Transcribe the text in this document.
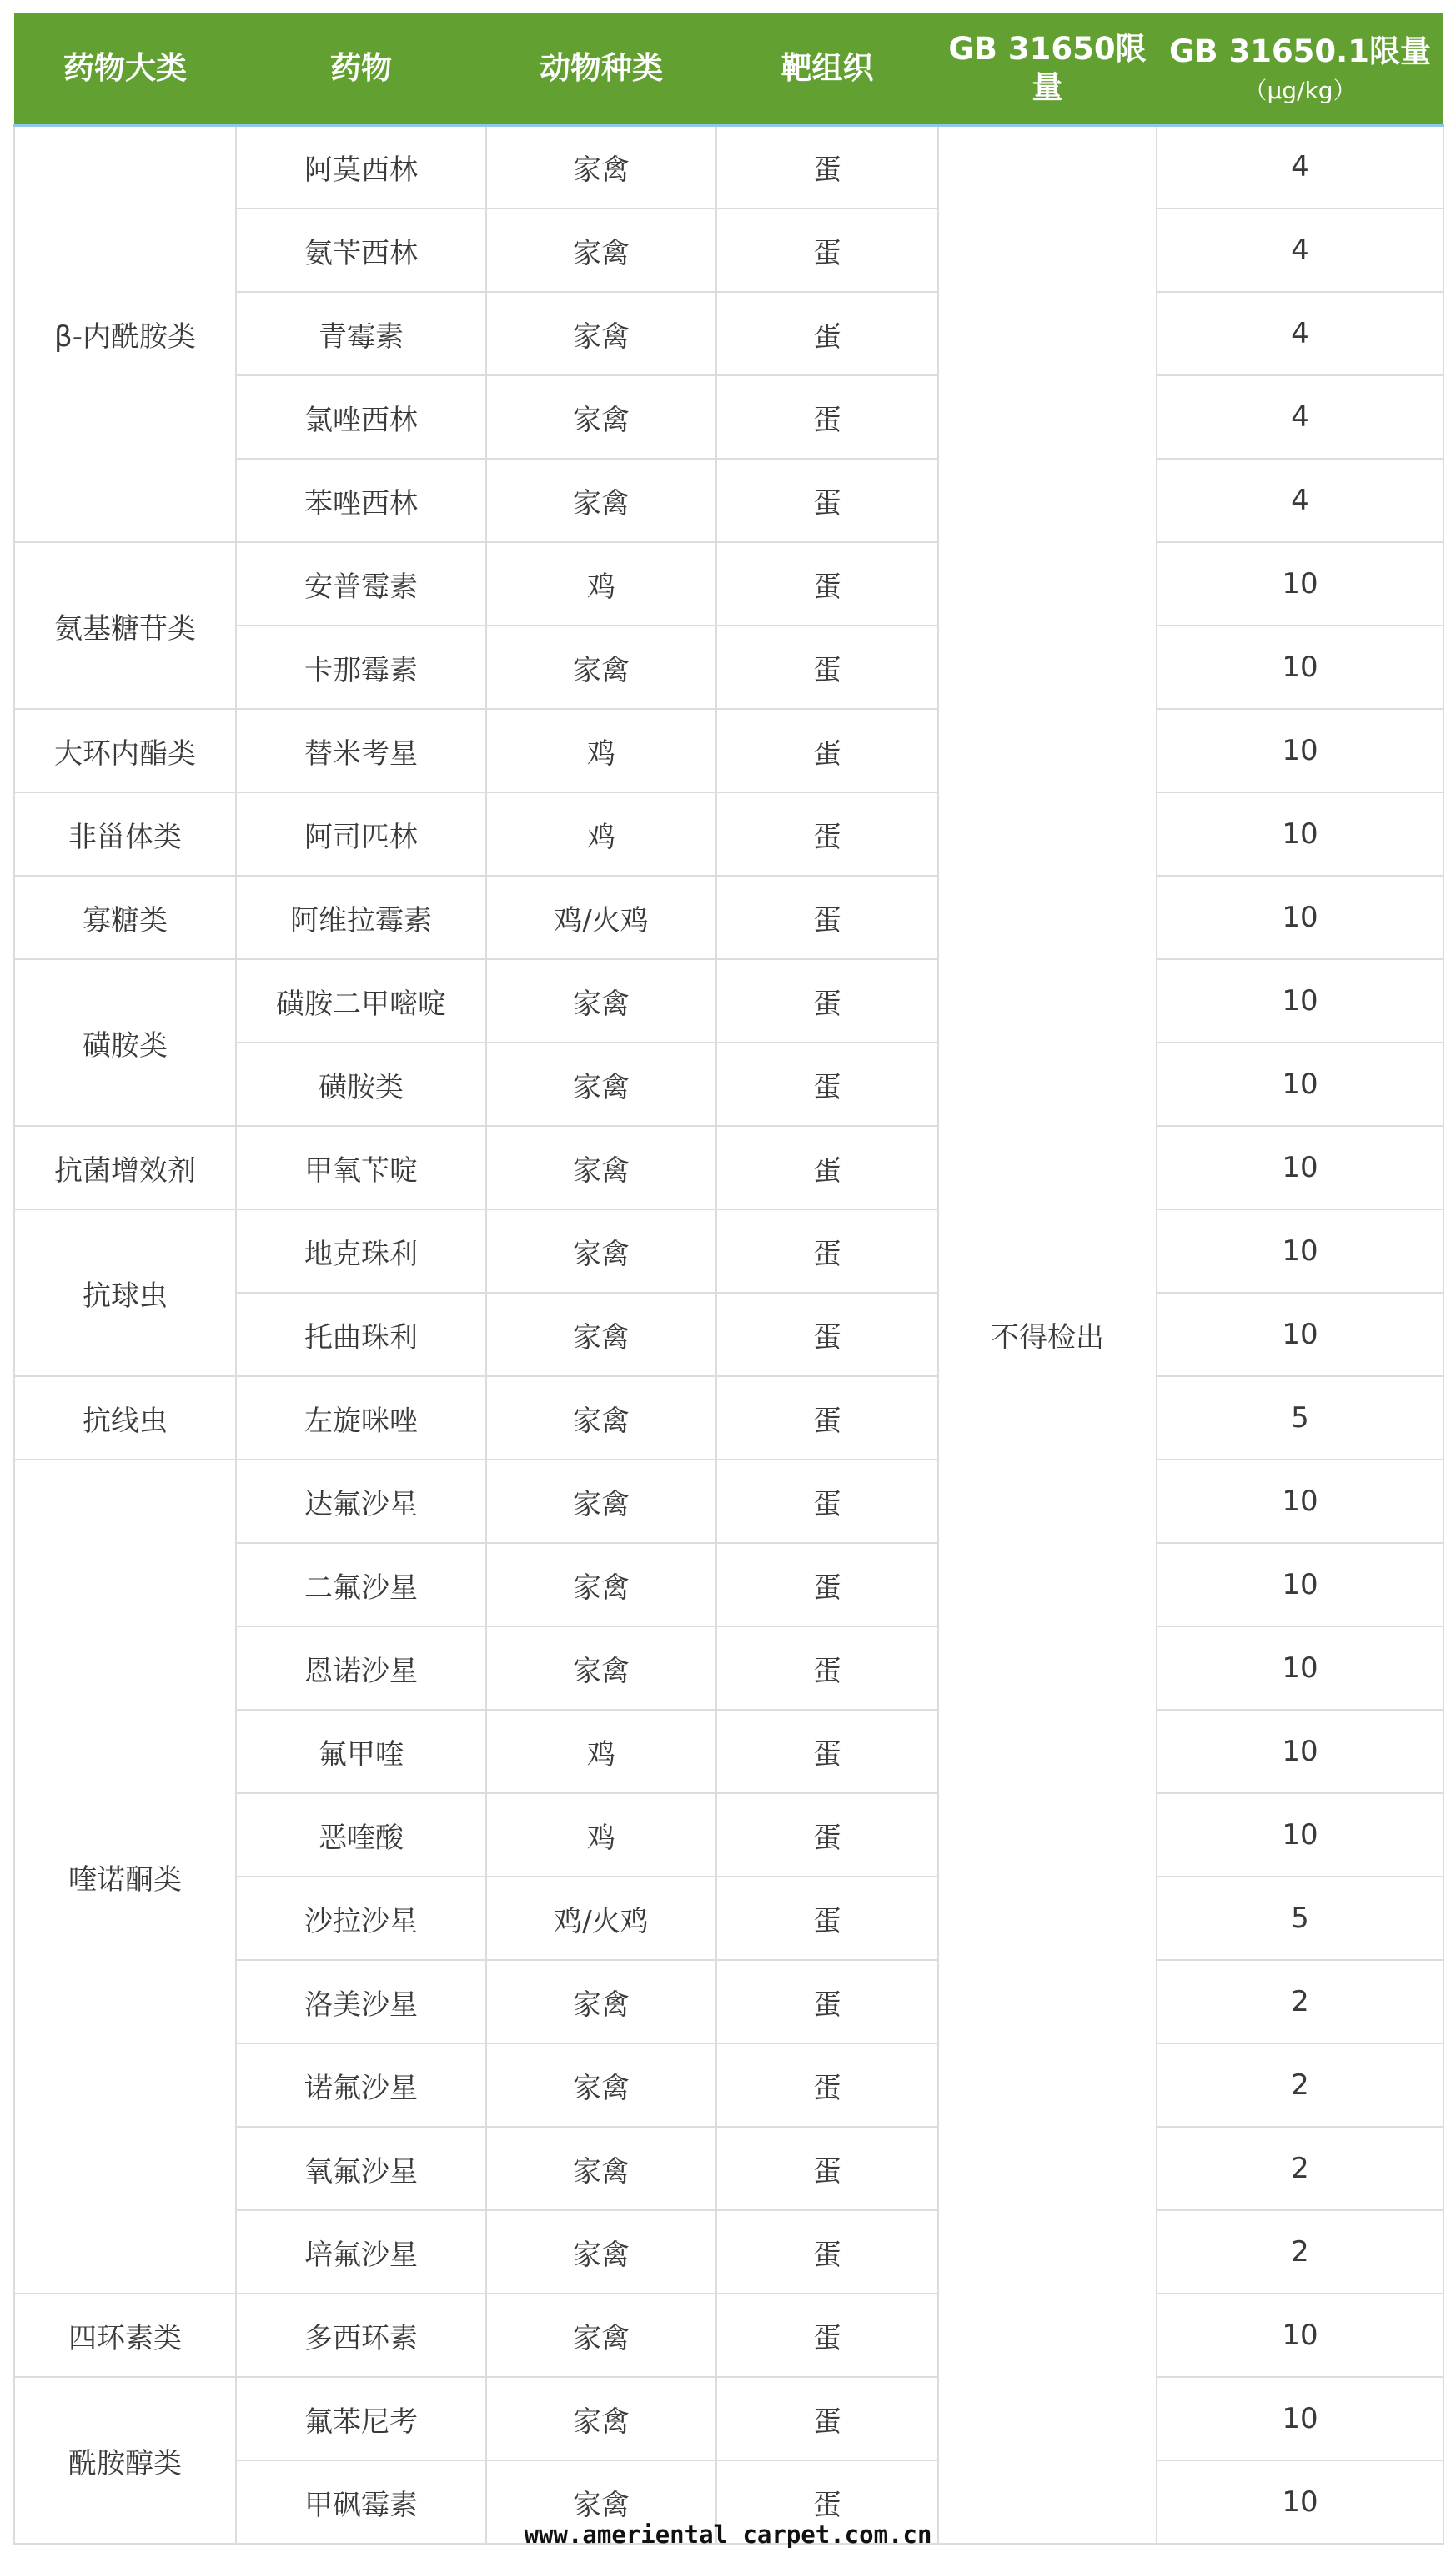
药物大类	药物	动物种类	靶组织	GB 31650限量	GB 31650.1限量
（μg/kg）

β-内酰胺类	阿莫西林	家禽	蛋	不得检出	4
	氨苄西林	家禽	蛋		4
	青霉素	家禽	蛋		4
	氯唑西林	家禽	蛋		4
	苯唑西林	家禽	蛋		4
氨基糖苷类	安普霉素	鸡	蛋		10
	卡那霉素	家禽	蛋		10
大环内酯类	替米考星	鸡	蛋		10
非甾体类	阿司匹林	鸡	蛋		10
寡糖类	阿维拉霉素	鸡/火鸡	蛋		10
磺胺类	磺胺二甲嘧啶	家禽	蛋		10
	磺胺类	家禽	蛋		10
抗菌增效剂	甲氧苄啶	家禽	蛋		10
抗球虫	地克珠利	家禽	蛋		10
	托曲珠利	家禽	蛋		10
抗线虫	左旋咪唑	家禽	蛋		5
喹诺酮类	达氟沙星	家禽	蛋		10
	二氟沙星	家禽	蛋		10
	恩诺沙星	家禽	蛋		10
	氟甲喹	鸡	蛋		10
	恶喹酸	鸡	蛋		10
	沙拉沙星	鸡/火鸡	蛋		5
	洛美沙星	家禽	蛋		2
	诺氟沙星	家禽	蛋		2
	氧氟沙星	家禽	蛋		2
	培氟沙星	家禽	蛋		2
四环素类	多西环素	家禽	蛋		10
酰胺醇类	氟苯尼考	家禽	蛋		10
	甲砜霉素	家禽	蛋		10
www.ameriental carpet.com.cn
